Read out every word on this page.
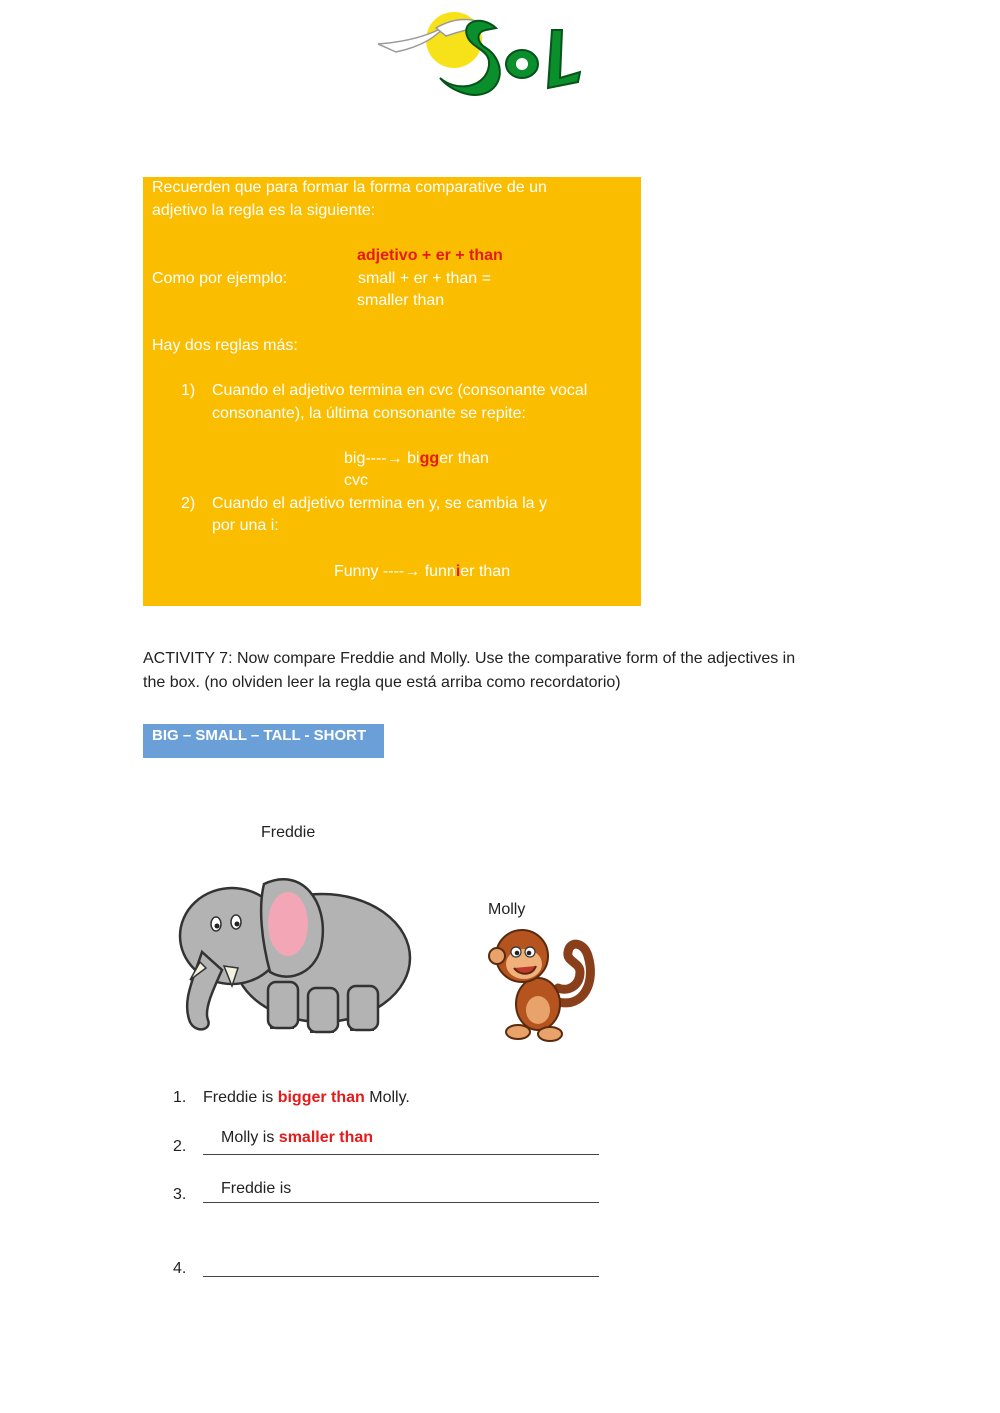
Recuerden que para formar la forma comparative de un
adjetivo la regla es la siguiente:
adjetivo + er + than
Como por ejemplo:	small + er + than =
smaller than
Hay dos reglas más:
1) Cuando el adjetivo termina en cvc (consonante vocal
consonante), la última consonante se repite:
big----→ bigger than
cvc
2) Cuando el adjetivo termina en y, se cambia la y
por una i:
Funny ----→ funnier than
ACTIVITY 7: Now compare Freddie and Molly. Use the comparative form of the adjectives in
the box. (no olviden leer la regla que está arriba como recordatorio)
BIG – SMALL – TALL - SHORT
Freddie
Molly
1. Freddie is bigger than Molly.
2.
Molly is smaller than
3. Freddie is
4.
